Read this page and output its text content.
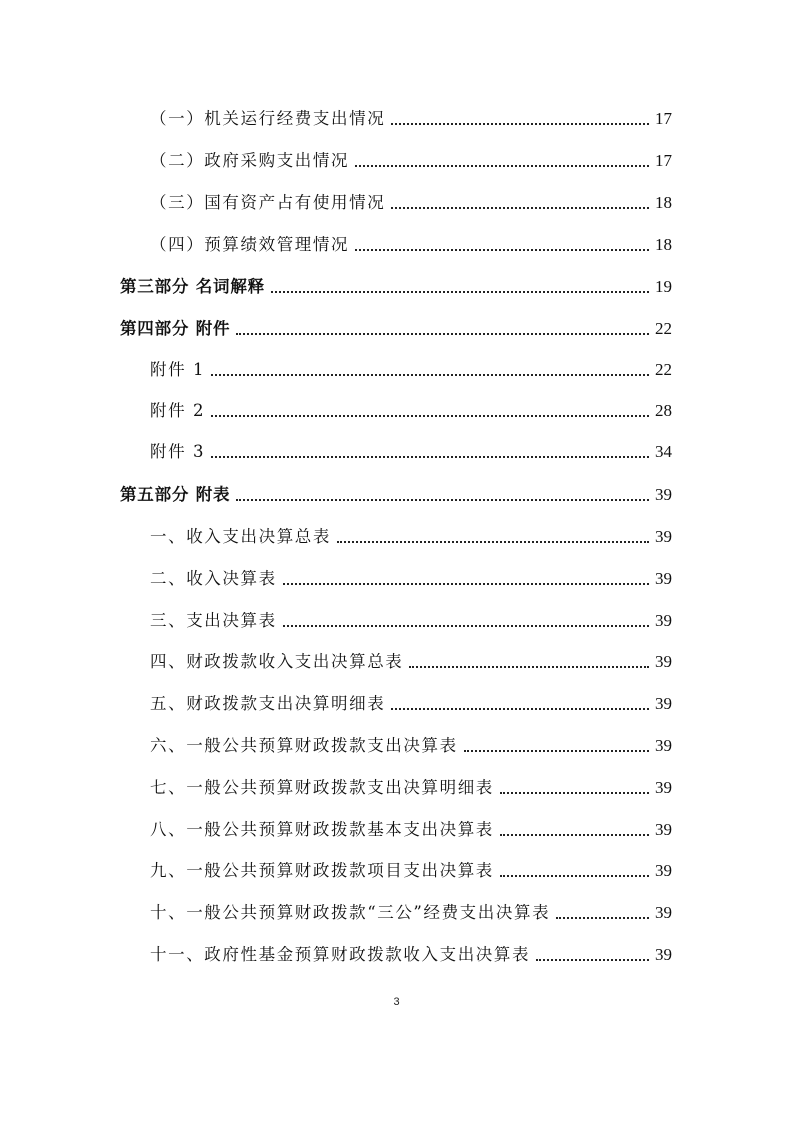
（一）机关运行经费支出情况	17
（二）政府采购支出情况	17
（三）国有资产占有使用情况	18
（四）预算绩效管理情况	18
第三部分 名词解释	19
第四部分 附件	22
附件 1	22
附件 2	28
附件 3	34
第五部分 附表	39
一、收入支出决算总表	39
二、收入决算表	39
三、支出决算表	39
四、财政拨款收入支出决算总表	39
五、财政拨款支出决算明细表	39
六、一般公共预算财政拨款支出决算表	39
七、一般公共预算财政拨款支出决算明细表	39
八、一般公共预算财政拨款基本支出决算表	39
九、一般公共预算财政拨款项目支出决算表	39
十、一般公共预算财政拨款“三公”经费支出决算表	39
十一、政府性基金预算财政拨款收入支出决算表	39
3
